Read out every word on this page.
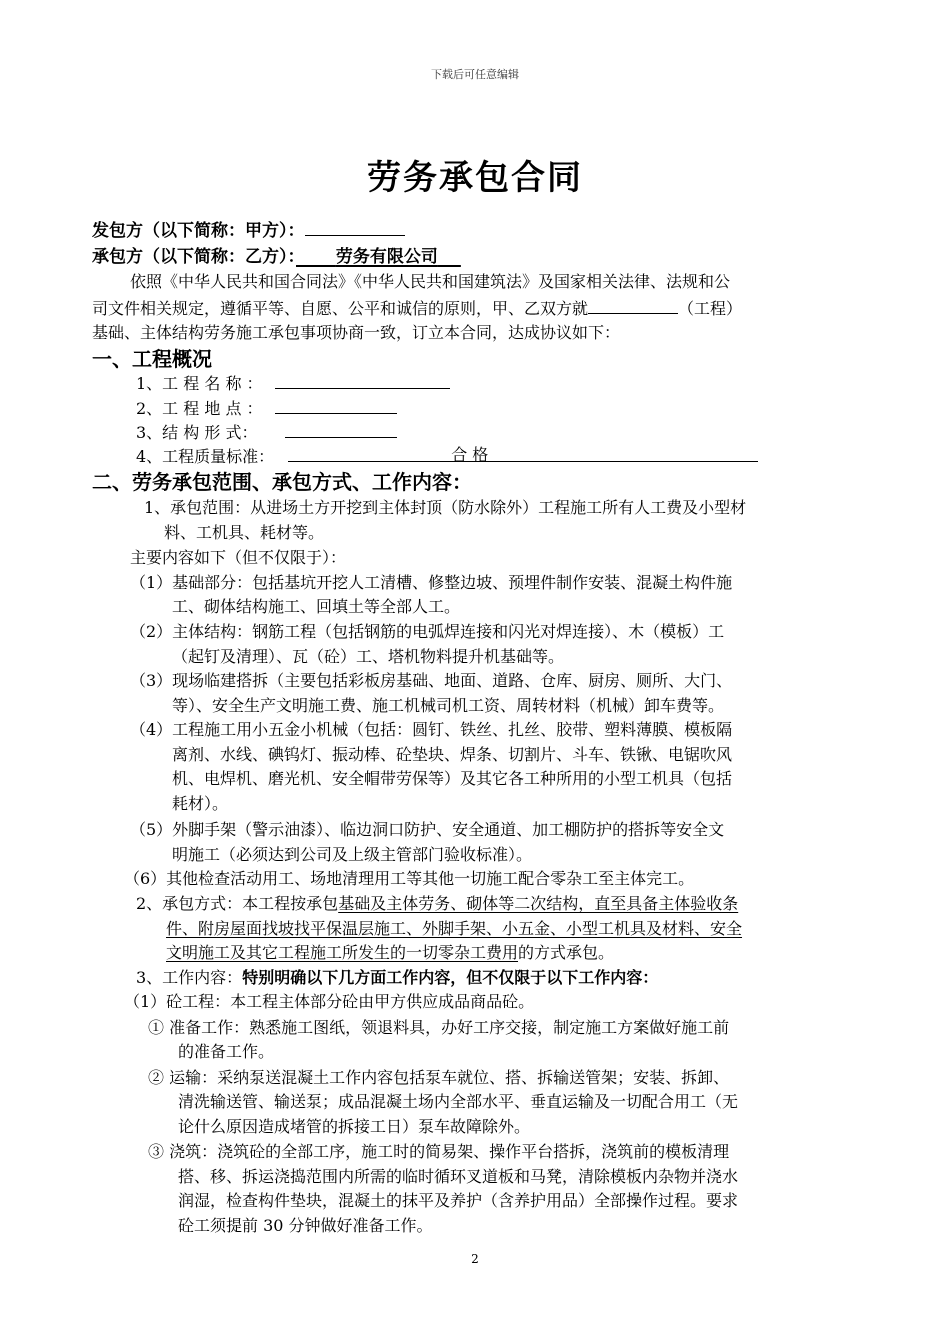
下载后可任意编辑
劳务承包合同
发包方（以下简称：甲方）：
承包方（以下简称：乙方）：　　 劳务有限公司　
依照《中华人民共和国合同法》《中华人民共和国建筑法》及国家相关法律、法规和公
司文件相关规定，遵循平等、自愿、公平和诚信的原则，甲、乙双方就	（工程）
基础、主体结构劳务施工承包事项协商一致，订立本合同，达成协议如下：
一、工程概况
1、工 程 名 称 ：
2、工 程 地 点 ：
3、结 构 形 式：
4、工程质量标准：	合 格
二、劳务承包范围、承包方式、工作内容：
1、承包范围：从进场土方开挖到主体封顶（防水除外）工程施工所有人工费及小型材
料、工机具、耗材等。
主要内容如下（但不仅限于）：
（1）基础部分：包括基坑开挖人工清槽、修整边坡、预埋件制作安装、混凝土构件施
工、砌体结构施工、回填土等全部人工。
（2）主体结构：钢筋工程（包括钢筋的电弧焊连接和闪光对焊连接）、木（模板）工
（起钉及清理）、瓦（砼）工、塔机物料提升机基础等。
（3）现场临建搭拆（主要包括彩板房基础、地面、道路、仓库、厨房、厕所、大门、
等）、安全生产文明施工费、施工机械司机工资、周转材料（机械）卸车费等。
（4）工程施工用小五金小机械（包括：圆钉、铁丝、扎丝、胶带、塑料薄膜、模板隔
离剂、水线、碘钨灯、振动棒、砼垫块、焊条、切割片、斗车、铁锹、电锯吹风
机、电焊机、磨光机、安全帽带劳保等）及其它各工种所用的小型工机具（包括
耗材）。
（5）外脚手架（警示油漆）、临边洞口防护、安全通道、加工棚防护的搭拆等安全文
明施工（必须达到公司及上级主管部门验收标准）。
（6）其他检查活动用工、场地清理用工等其他一切施工配合零杂工至主体完工。
2、承包方式：本工程按承包基础及主体劳务、砌体等二次结构，直至具备主体验收条
件、附房屋面找坡找平保温层施工、外脚手架、小五金、小型工机具及材料、安全
文明施工及其它工程施工所发生的一切零杂工费用的方式承包。
3、工作内容：特别明确以下几方面工作内容，但不仅限于以下工作内容：
（1）砼工程：本工程主体部分砼由甲方供应成品商品砼。
① 准备工作：熟悉施工图纸，领退料具，办好工序交接，制定施工方案做好施工前
的准备工作。
② 运输：采纳泵送混凝土工作内容包括泵车就位、搭、拆输送管架；安装、拆卸、
清洗输送管、输送泵；成品混凝土场内全部水平、垂直运输及一切配合用工（无
论什么原因造成堵管的拆接工日）泵车故障除外。
③ 浇筑：浇筑砼的全部工序，施工时的简易架、操作平台搭拆，浇筑前的模板清理
搭、移、拆运浇捣范围内所需的临时循环叉道板和马凳，清除模板内杂物并浇水
润湿，检查构件垫块，混凝土的抹平及养护（含养护用品）全部操作过程。要求
砼工须提前 30 分钟做好准备工作。
2
